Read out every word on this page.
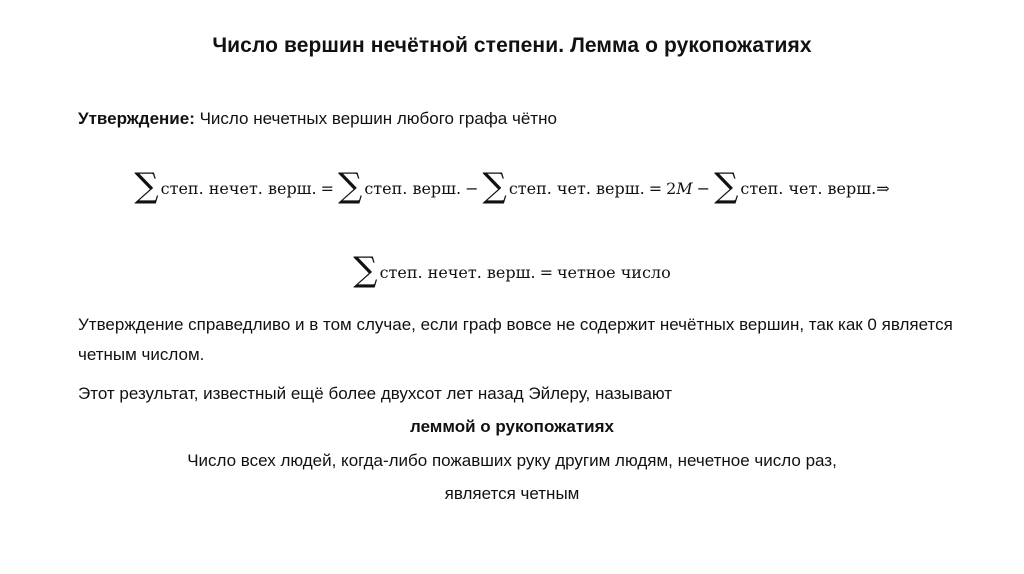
Число вершин нечётной степени. Лемма о рукопожатиях
Утверждение: Число нечетных вершин любого графа чётно
∑ степ. нечет. верш. = ∑ степ. верш. − ∑ степ. чет. верш. = 2 M − ∑ степ. чет. верш. ⇒
∑ степ. нечет. верш. = четное число
Утверждение справедливо и в том случае, если граф вовсе не содержит нечётных вершин, так как 0 является четным числом.
Этот результат, известный ещё более двухсот лет назад Эйлеру, называют
леммой о рукопожатиях
Число всех людей, когда-либо пожавших руку другим людям, нечетное число раз,
является четным
